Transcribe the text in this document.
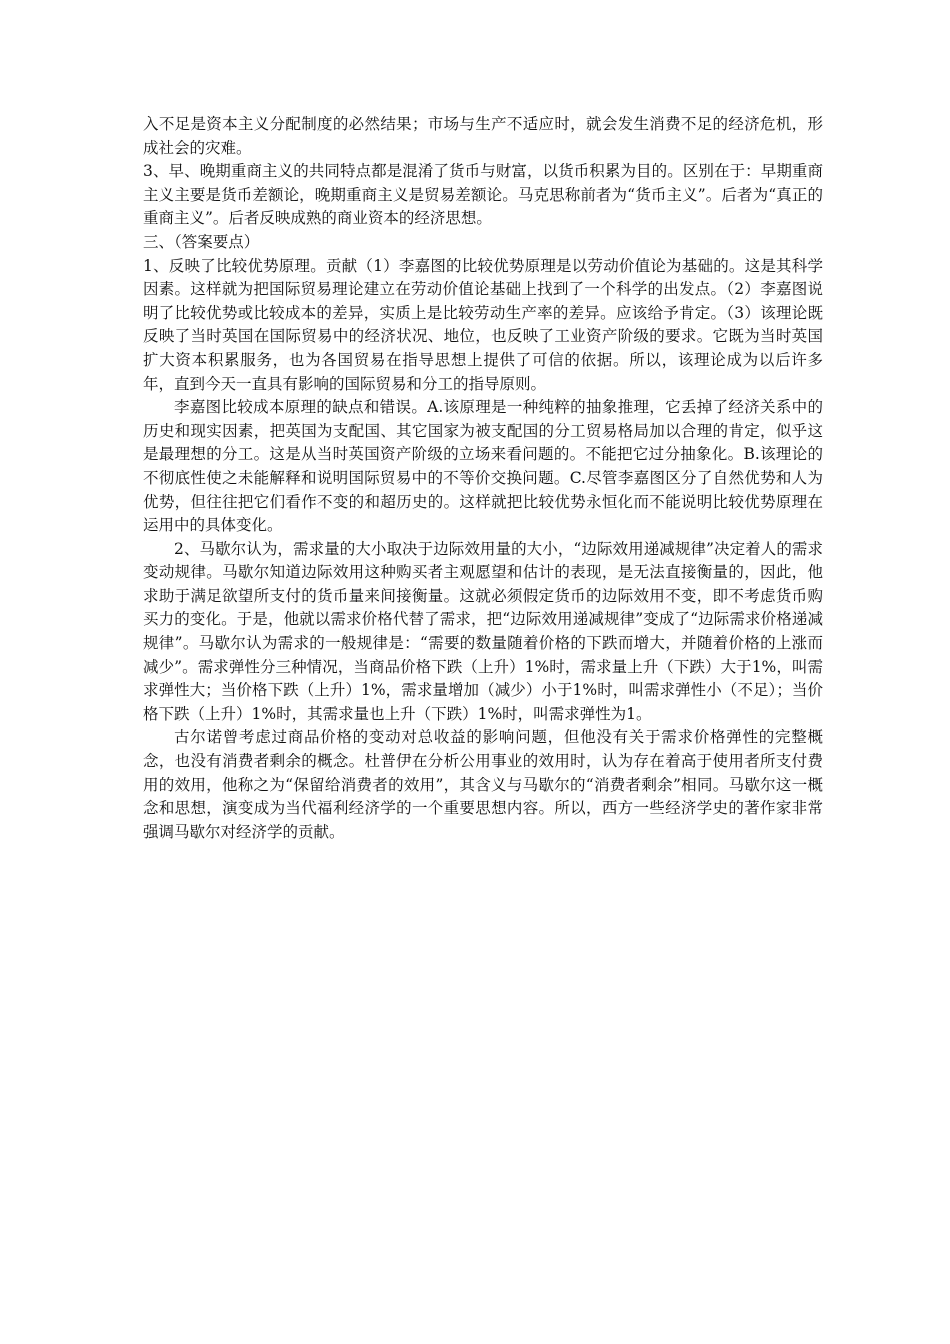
入不足是资本主义分配制度的必然结果；市场与生产不适应时，就会发生消费不足的经济危机，形成社会的灾难。

3、早、晚期重商主义的共同特点都是混淆了货币与财富，以货币积累为目的。区别在于：早期重商主义主要是货币差额论，晚期重商主义是贸易差额论。马克思称前者为“货币主义”。后者为“真正的重商主义”。后者反映成熟的商业资本的经济思想。

三、（答案要点）

1、反映了比较优势原理。贡献（1）李嘉图的比较优势原理是以劳动价值论为基础的。这是其科学因素。这样就为把国际贸易理论建立在劳动价值论基础上找到了一个科学的出发点。（2）李嘉图说明了比较优势或比较成本的差异，实质上是比较劳动生产率的差异。应该给予肯定。（3）该理论既反映了当时英国在国际贸易中的经济状况、地位，也反映了工业资产阶级的要求。它既为当时英国扩大资本积累服务，也为各国贸易在指导思想上提供了可信的依据。所以，该理论成为以后许多年，直到今天一直具有影响的国际贸易和分工的指导原则。

李嘉图比较成本原理的缺点和错误。A.该原理是一种纯粹的抽象推理，它丢掉了经济关系中的历史和现实因素，把英国为支配国、其它国家为被支配国的分工贸易格局加以合理的肯定，似乎这是最理想的分工。这是从当时英国资产阶级的立场来看问题的。不能把它过分抽象化。B.该理论的不彻底性使之未能解释和说明国际贸易中的不等价交换问题。C.尽管李嘉图区分了自然优势和人为优势，但往往把它们看作不变的和超历史的。这样就把比较优势永恒化而不能说明比较优势原理在运用中的具体变化。

2、马歇尔认为，需求量的大小取决于边际效用量的大小，“边际效用递减规律”决定着人的需求变动规律。马歇尔知道边际效用这种购买者主观愿望和估计的表现，是无法直接衡量的，因此，他求助于满足欲望所支付的货币量来间接衡量。这就必须假定货币的边际效用不变，即不考虑货币购买力的变化。于是，他就以需求价格代替了需求，把“边际效用递减规律”变成了“边际需求价格递减规律”。马歇尔认为需求的一般规律是：“需要的数量随着价格的下跌而增大，并随着价格的上涨而减少”。需求弹性分三种情况，当商品价格下跌（上升）1%时，需求量上升（下跌）大于1%，叫需求弹性大；当价格下跌（上升）1%，需求量增加（减少）小于1%时，叫需求弹性小（不足）；当价格下跌（上升）1%时，其需求量也上升（下跌）1%时，叫需求弹性为1。

古尔诺曾考虑过商品价格的变动对总收益的影响问题，但他没有关于需求价格弹性的完整概念，也没有消费者剩余的概念。杜普伊在分析公用事业的效用时，认为存在着高于使用者所支付费用的效用，他称之为“保留给消费者的效用”，其含义与马歇尔的“消费者剩余”相同。马歇尔这一概念和思想，演变成为当代福利经济学的一个重要思想内容。所以，西方一些经济学史的著作家非常强调马歇尔对经济学的贡献。
